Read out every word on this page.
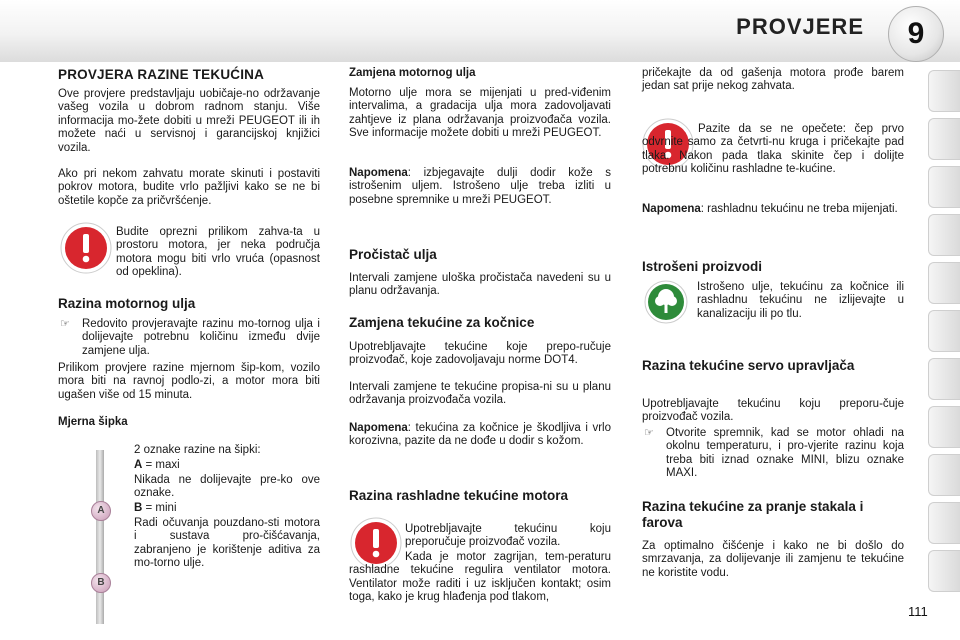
PROVJERE	9
PROVJERA RAZINE TEKUĆINA
Ove provjere predstavljaju uobičaje-no održavanje vašeg vozila u dobrom radnom stanju. Više informacija mo-žete dobiti u mreži PEUGEOT ili ih možete naći u servisnoj i garancijskoj knjižici vozila.
Ako pri nekom zahvatu morate skinuti i postaviti pokrov motora, budite vrlo pažljivi kako se ne bi oštetile kopče za pričvršćenje.
Budite oprezni prilikom zahva-ta u prostoru motora, jer neka područja motora mogu biti vrlo vruća (opasnost od opeklina).
Razina motornog ulja
☞ Redovito provjeravajte razinu mo-tornog ulja i dolijevajte potrebnu količinu između dvije zamjene ulja.
Prilikom provjere razine mjernom šip-kom, vozilo mora biti na ravnoj podlo-zi, a motor mora biti ugašen više od 15 minuta.
Mjerna šipka
A
B
2 oznake razine na šipki:
A = maxi
Nikada ne dolijevajte pre-ko ove oznake.
B = mini
Radi očuvanja pouzdano-sti motora i sustava pro-čišćavanja, zabranjeno je korištenje aditiva za mo-torno ulje.
Zamjena motornog ulja
Motorno ulje mora se mijenjati u pred-viđenim intervalima, a gradacija ulja mora zadovoljavati zahtjeve iz plana održavanja proizvođača vozila. Sve informacije možete dobiti u mreži PEUGEOT.
Napomena: izbjegavajte dulji dodir kože s istrošenim uljem. Istrošeno ulje treba izliti u posebne spremnike u mreži PEUGEOT.
Pročistač ulja
Intervali zamjene uloška pročistača navedeni su u planu održavanja.
Zamjena tekućine za kočnice
Upotrebljavajte tekućine koje prepo-ručuje proizvođač, koje zadovoljavaju norme DOT4.
Intervali zamjene te tekućine propisa-ni su u planu održavanja proizvođača vozila.
Napomena: tekućina za kočnice je škodljiva i vrlo korozivna, pazite da ne dođe u dodir s kožom.
Razina rashladne tekućine motora
Upotrebljavajte tekućinu koju preporučuje proizvođač vozila.
Kada je motor zagrijan, tem-peraturu rashladne tekućine regulira ventilator motora. Ventilator može raditi i uz isključen kontakt; osim toga, kako je krug hlađenja pod tlakom,
pričekajte da od gašenja motora prođe barem jedan sat prije nekog zahvata.
Pazite da se ne opečete: čep prvo odvrnite samo za četvrti-nu kruga i pričekajte pad tlaka. Nakon pada tlaka skinite čep i dolijte potrebnu količinu rashladne te-kućine.
Napomena: rashladnu tekućinu ne treba mijenjati.
Istrošeni proizvodi
Istrošeno ulje, tekućinu za kočnice ili rashladnu tekućinu ne izlijevajte u kanalizaciju ili po tlu.
Razina tekućine servo upravljača
Upotrebljavajte tekućinu koju preporu-čuje proizvođač vozila.
☞ Otvorite spremnik, kad se motor ohladi na okolnu temperaturu, i pro-vjerite razinu koja treba biti iznad oznake MINI, blizu oznake MAXI.
Razina tekućine za pranje stakala i farova
Za optimalno čišćenje i kako ne bi došlo do smrzavanja, za dolijevanje ili zamjenu te tekućine ne koristite vodu.
111
